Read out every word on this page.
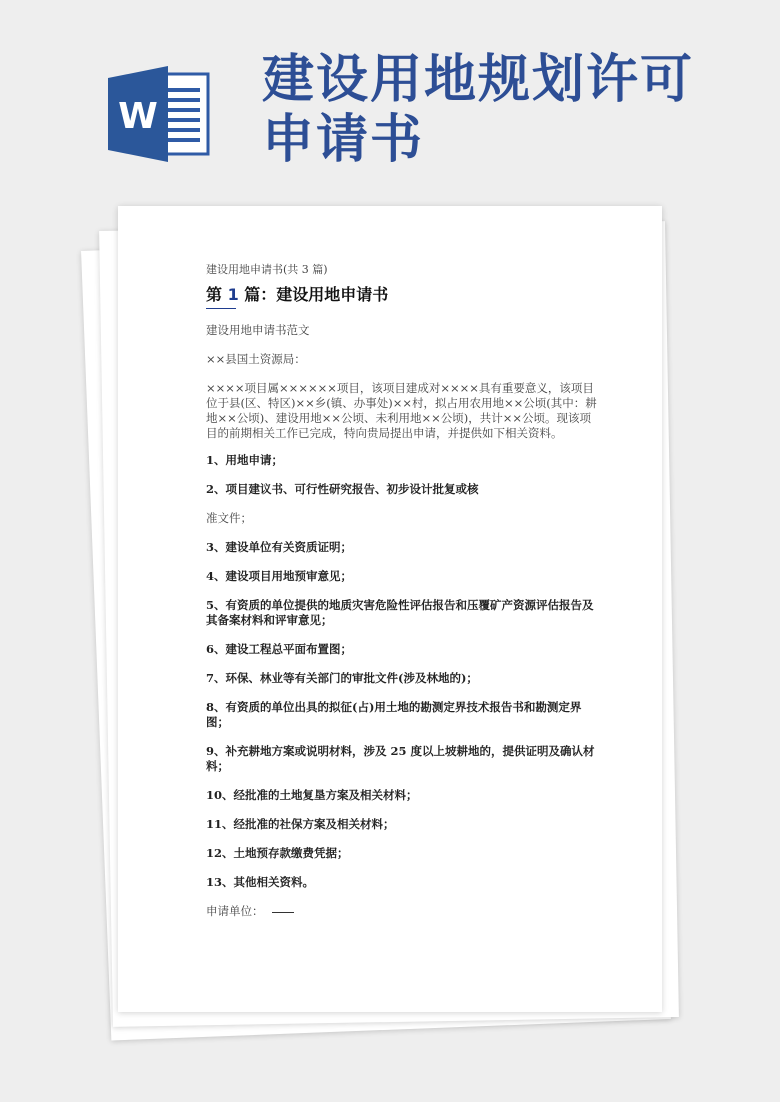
W
建设用地规划许可
申请书

建设用地申请书(共 3 篇)

第 1 篇：建设用地申请书

建设用地申请书范文

××县国土资源局：

××××项目属××××××项目，该项目建成对××××具有重要意义，该项目位于县(区、特区)××乡(镇、办事处)××村，拟占用农用地××公顷(其中：耕地××公顷)、建设用地××公顷、未利用地××公顷)，共计××公顷。现该项目的前期相关工作已完成，特向贵局提出申请，并提供如下相关资料。

1、用地申请；

2、项目建议书、可行性研究报告、初步设计批复或核

准文件；

3、建设单位有关资质证明；

4、建设项目用地预审意见；

5、有资质的单位提供的地质灾害危险性评估报告和压覆矿产资源评估报告及其备案材料和评审意见；

6、建设工程总平面布置图；

7、环保、林业等有关部门的审批文件(涉及林地的)；

8、有资质的单位出具的拟征(占)用土地的勘测定界技术报告书和勘测定界图；

9、补充耕地方案或说明材料，涉及 25 度以上坡耕地的，提供证明及确认材料；

10、经批准的土地复垦方案及相关材料；

11、经批准的社保方案及相关材料；

12、土地预存款缴费凭据；

13、其他相关资料。

申请单位：
